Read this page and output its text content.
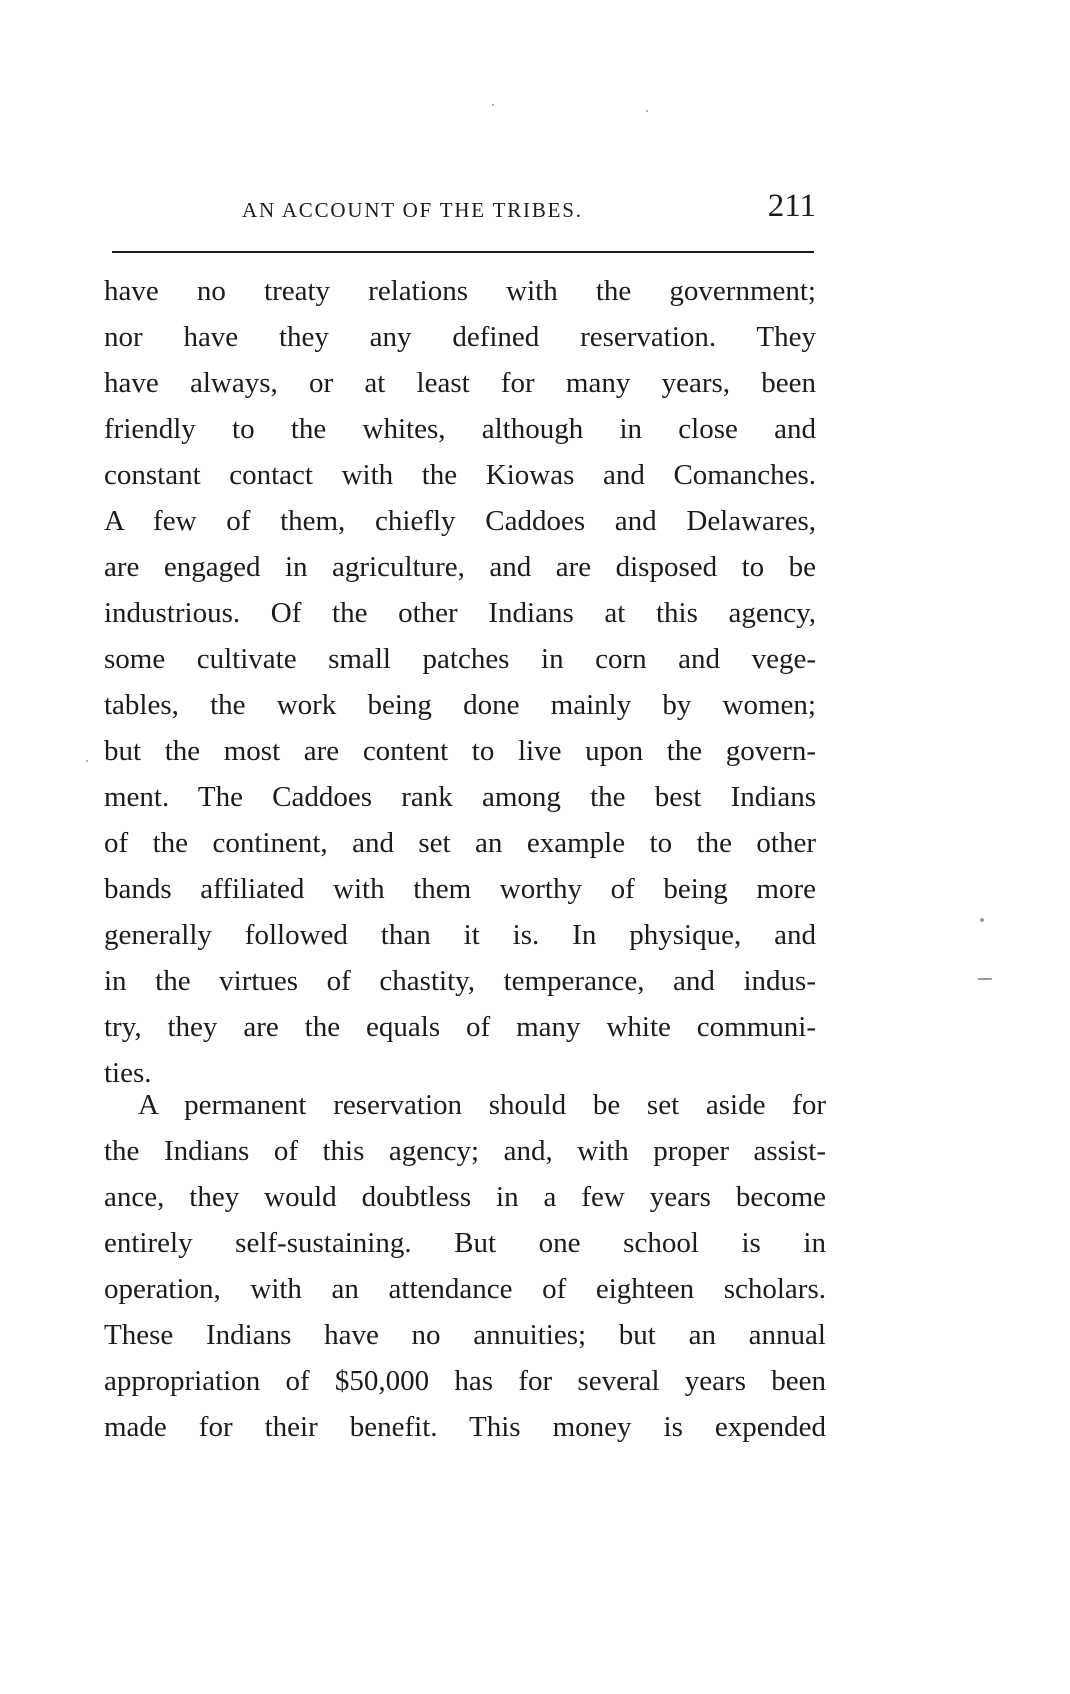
AN ACCOUNT OF THE TRIBES.	211
have no treaty relations with the government;
nor have they any defined reservation. They
have always, or at least for many years, been
friendly to the whites, although in close and
constant contact with the Kiowas and Comanches.
A few of them, chiefly Caddoes and Delawares,
are engaged in agriculture, and are disposed to be
industrious. Of the other Indians at this agency,
some cultivate small patches in corn and vege-
tables, the work being done mainly by women;
but the most are content to live upon the govern-
ment. The Caddoes rank among the best Indians
of the continent, and set an example to the other
bands affiliated with them worthy of being more
generally followed than it is. In physique, and
in the virtues of chastity, temperance, and indus-
try, they are the equals of many white communi-
ties.
A permanent reservation should be set aside for
the Indians of this agency; and, with proper assist-
ance, they would doubtless in a few years become
entirely self-sustaining. But one school is in
operation, with an attendance of eighteen scholars.
These Indians have no annuities; but an annual
appropriation of $50,000 has for several years been
made for their benefit. This money is expended
